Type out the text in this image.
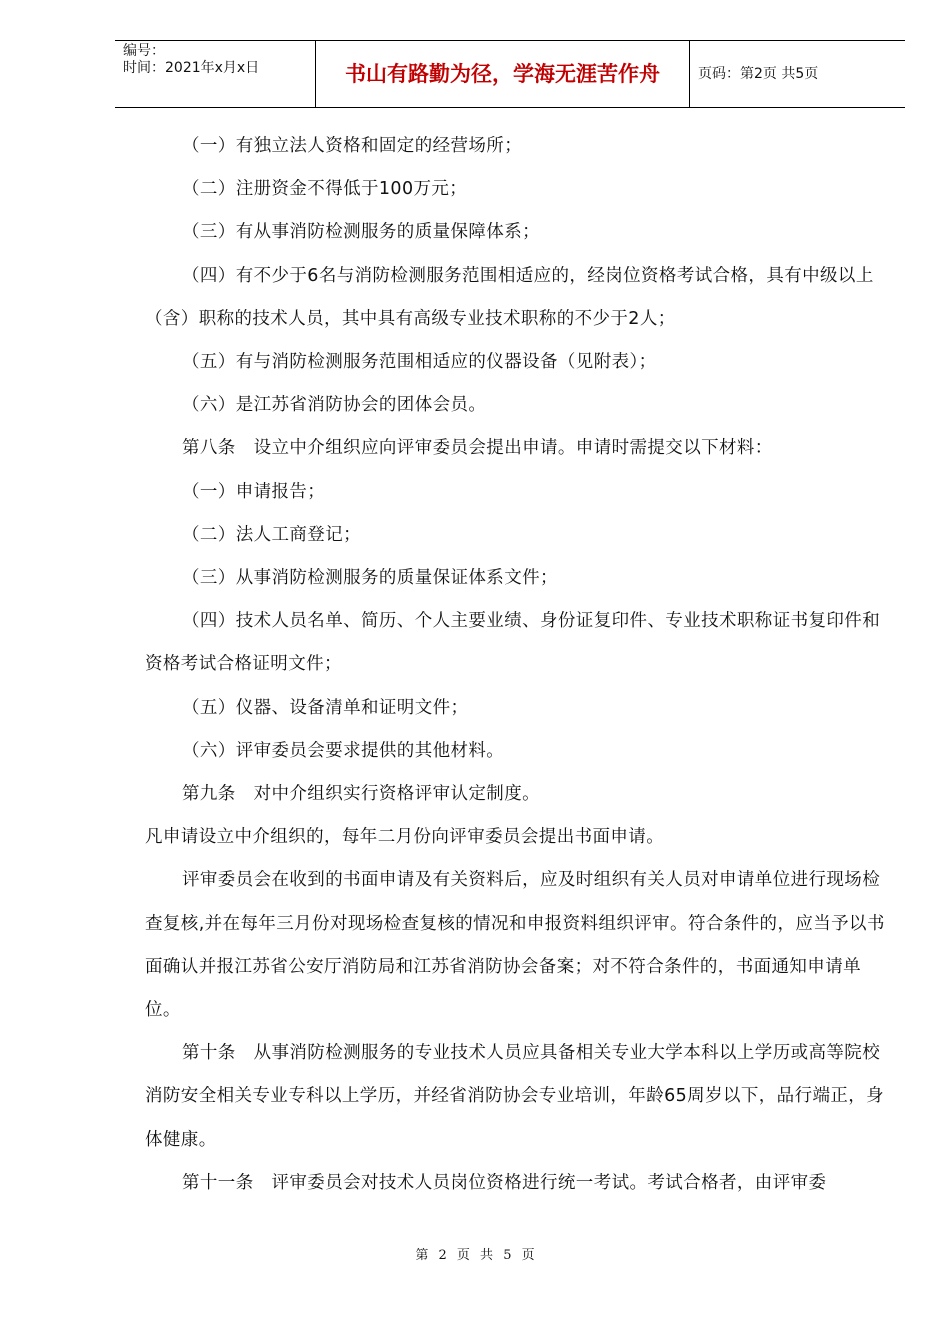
编号：
时间：2021年x月x日	书山有路勤为径，学海无涯苦作舟	页码：第2页 共5页

（一）有独立法人资格和固定的经营场所；

（二）注册资金不得低于100万元；

（三）有从事消防检测服务的质量保障体系；

（四）有不少于6名与消防检测服务范围相适应的，经岗位资格考试合格，具有中级以上（含）职称的技术人员，其中具有高级专业技术职称的不少于2人；

（五）有与消防检测服务范围相适应的仪器设备（见附表）；

（六）是江苏省消防协会的团体会员。

第八条　设立中介组织应向评审委员会提出申请。申请时需提交以下材料：

（一）申请报告；

（二）法人工商登记；

（三）从事消防检测服务的质量保证体系文件；

（四）技术人员名单、简历、个人主要业绩、身份证复印件、专业技术职称证书复印件和资格考试合格证明文件；

（五）仪器、设备清单和证明文件；

（六）评审委员会要求提供的其他材料。

第九条　对中介组织实行资格评审认定制度。

凡申请设立中介组织的，每年二月份向评审委员会提出书面申请。

评审委员会在收到的书面申请及有关资料后，应及时组织有关人员对申请单位进行现场检查复核,并在每年三月份对现场检查复核的情况和申报资料组织评审。符合条件的，应当予以书面确认并报江苏省公安厅消防局和江苏省消防协会备案；对不符合条件的，书面通知申请单位。

第十条　从事消防检测服务的专业技术人员应具备相关专业大学本科以上学历或高等院校消防安全相关专业专科以上学历，并经省消防协会专业培训，年龄65周岁以下，品行端正，身体健康。

第十一条　评审委员会对技术人员岗位资格进行统一考试。考试合格者，由评审委

第 2 页 共 5 页
